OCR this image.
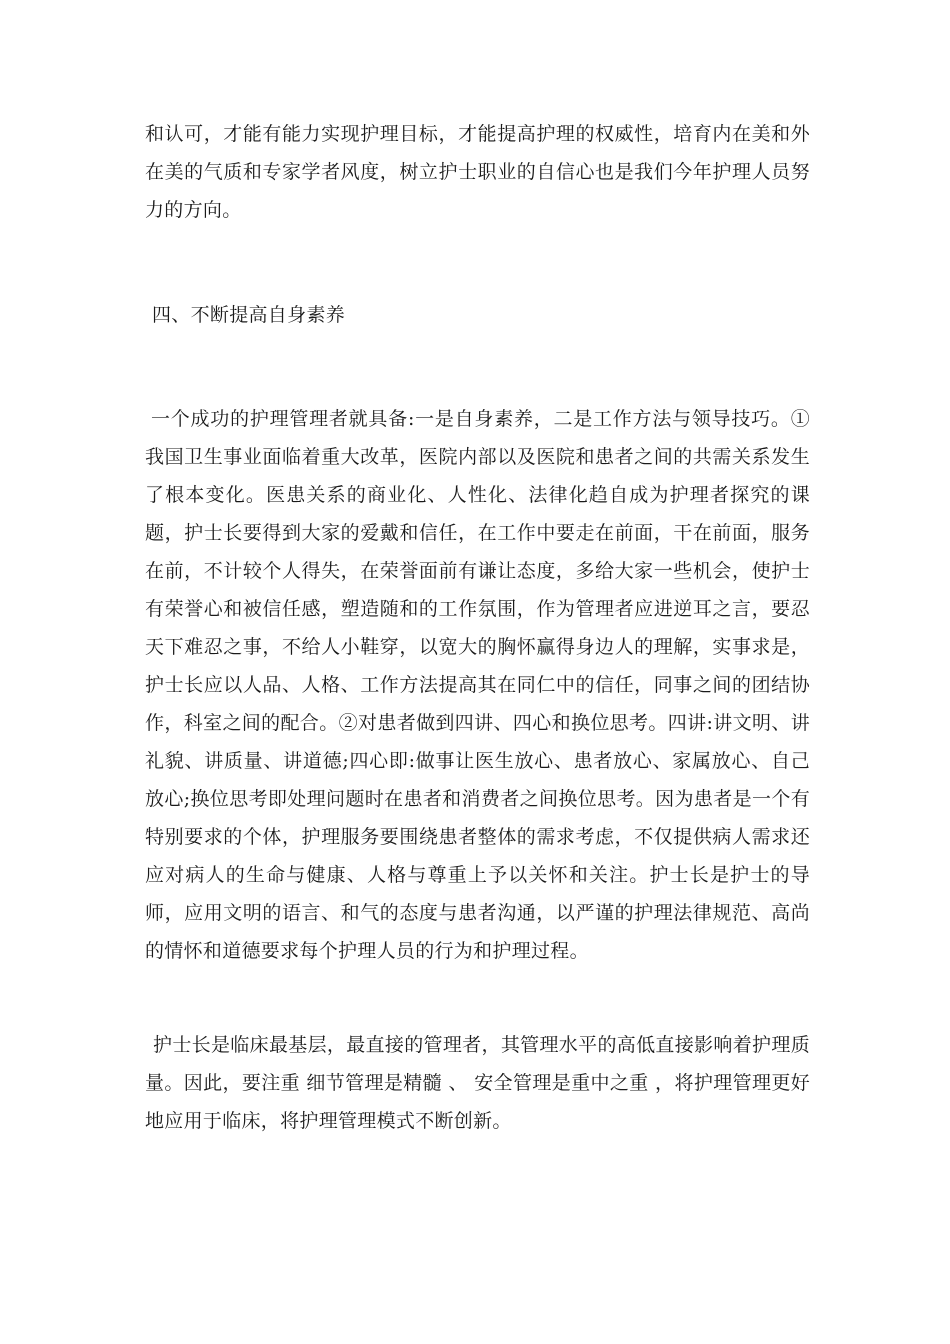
和认可，才能有能力实现护理目标，才能提高护理的权威性，培育内在美和外在美的气质和专家学者风度，树立护士职业的自信心也是我们今年护理人员努力的方向。

四、不断提高自身素养

一个成功的护理管理者就具备:一是自身素养，二是工作方法与领导技巧。①我国卫生事业面临着重大改革，医院内部以及医院和患者之间的共需关系发生了根本变化。医患关系的商业化、人性化、法律化趋自成为护理者探究的课题，护士长要得到大家的爱戴和信任，在工作中要走在前面，干在前面，服务在前，不计较个人得失，在荣誉面前有谦让态度，多给大家一些机会，使护士有荣誉心和被信任感，塑造随和的工作氛围，作为管理者应进逆耳之言，要忍天下难忍之事，不给人小鞋穿，以宽大的胸怀赢得身边人的理解，实事求是，护士长应以人品、人格、工作方法提高其在同仁中的信任，同事之间的团结协作，科室之间的配合。②对患者做到四讲、四心和换位思考。四讲:讲文明、讲礼貌、讲质量、讲道德;四心即:做事让医生放心、患者放心、家属放心、自己放心;换位思考即处理问题时在患者和消费者之间换位思考。因为患者是一个有特别要求的个体，护理服务要围绕患者整体的需求考虑，不仅提供病人需求还应对病人的生命与健康、人格与尊重上予以关怀和关注。护士长是护士的导师，应用文明的语言、和气的态度与患者沟通，以严谨的护理法律规范、高尚的情怀和道德要求每个护理人员的行为和护理过程。

护士长是临床最基层，最直接的管理者，其管理水平的高低直接影响着护理质量。因此，要注重 细节管理是精髓 、 安全管理是重中之重 ，将护理管理更好地应用于临床，将护理管理模式不断创新。
